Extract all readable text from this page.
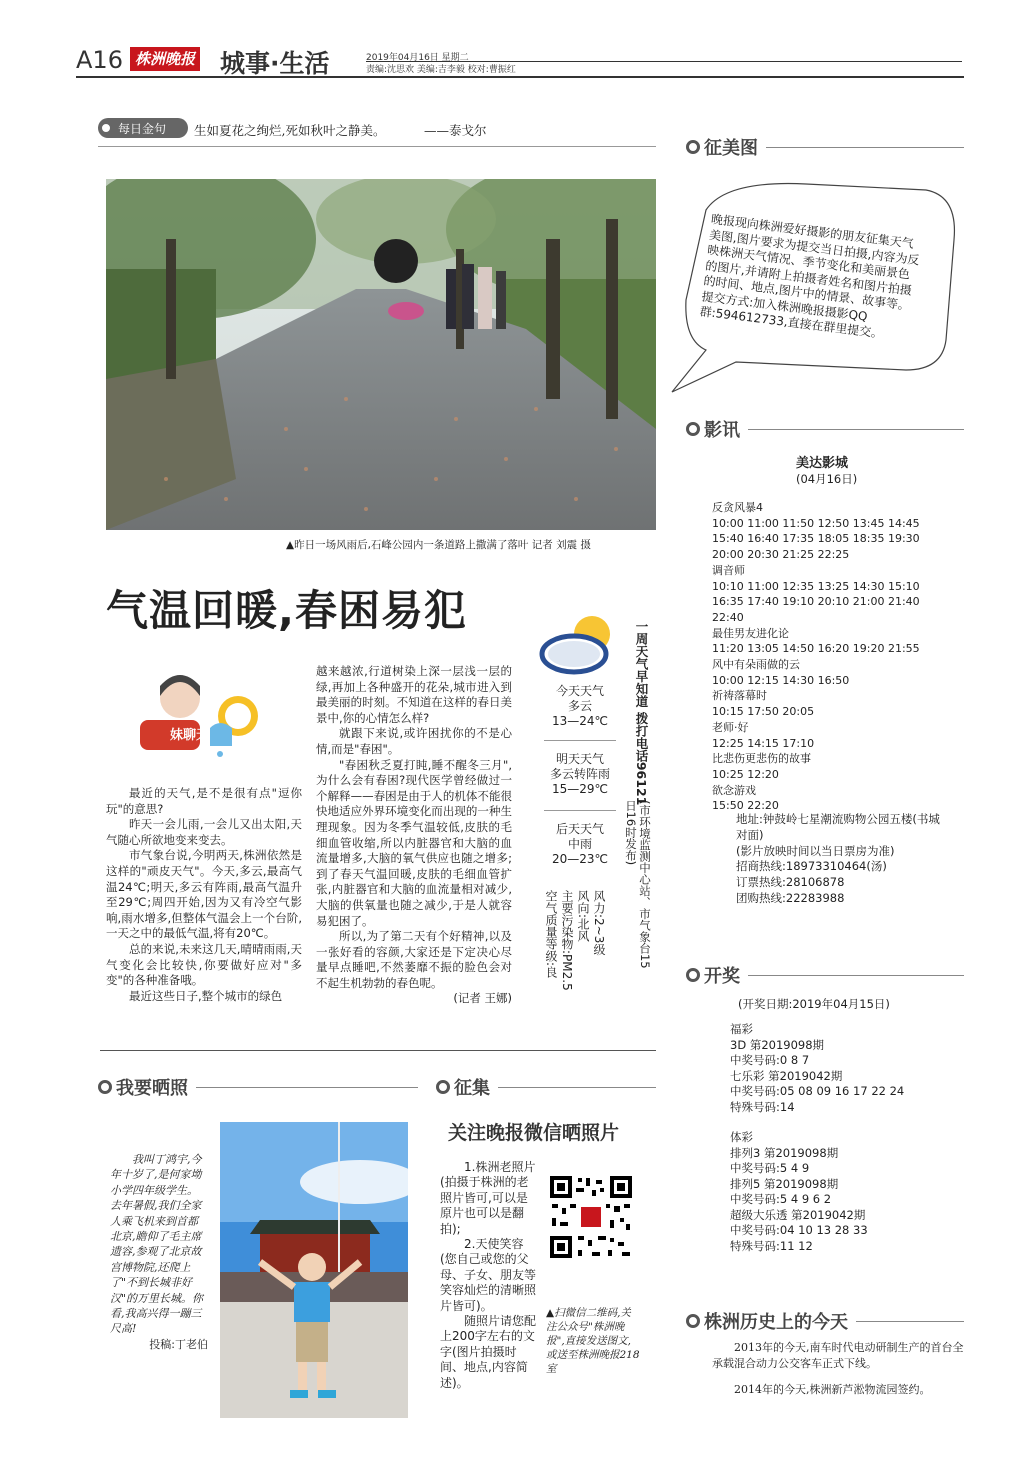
A16 株洲晚报 城事·生活	2019年04月16日 星期二
责编:沈思欢 美编:吉李毅 校对:曹振红
每日金句 生如夏花之绚烂,死如秋叶之静美。	——泰戈尔
▲昨日一场风雨后,石峰公园内一条道路上撒满了落叶 记者 刘震 摄
气温回暖,春困易犯
妹聊天

最近的天气,是不是很有点"逗你玩"的意思?

昨天一会儿雨,一会儿又出太阳,天气随心所欲地变来变去。

市气象台说,今明两天,株洲依然是这样的"顽皮天气"。今天,多云,最高气温24℃;明天,多云有阵雨,最高气温升至29℃;周四开始,因为又有冷空气影响,雨水增多,但整体气温会上一个台阶,一天之中的最低气温,将有20℃。

总的来说,未来这几天,晴晴雨雨,天气变化会比较快,你要做好应对"多变"的各种准备哦。

最近这些日子,整个城市的绿色

越来越浓,行道树染上深一层浅一层的绿,再加上各种盛开的花朵,城市进入到最美丽的时刻。不知道在这样的春日美景中,你的心情怎么样?

就跟下来说,或许困扰你的不是心情,而是"春困"。

"春困秋乏夏打盹,睡不醒冬三月",为什么会有春困?现代医学曾经做过一个解释——春困是由于人的机体不能很快地适应外界环境变化而出现的一种生理现象。因为冬季气温较低,皮肤的毛细血管收缩,所以内脏器官和大脑的血流量增多,大脑的氧气供应也随之增多;到了春天气温回暖,皮肤的毛细血管扩张,内脏器官和大脑的血流量相对减少,大脑的供氧量也随之减少,于是人就容易犯困了。

所以,为了第二天有个好精神,以及一张好看的容颜,大家还是下定决心尽量早点睡吧,不然萎靡不振的脸色会对不起生机勃勃的春色呢。

(记者 王娜)

今天天气
多云
13—24℃
明天天气
多云转阵雨
15—29℃
后天天气
中雨
20—23℃
风力:2~3级
风向:北风
主要污染物:PM2.5
空气质量等级:良
一周天气早知道 拨打电话96121
(市环境监测中心站、市气象台15日16时发布)
我要晒照

我叫丁鸿宇,今年十岁了,是何家坳小学四年级学生。去年暑假,我们全家人乘飞机来到首都北京,瞻仰了毛主席遗容,参观了北京故宫博物院,还爬上了"不到长城非好汉"的万里长城。你看,我高兴得一蹦三尺高!

投稿:丁老伯

征集
关注晚报微信晒照片

1.株洲老照片(拍摄于株洲的老照片皆可,可以是原片也可以是翻拍);

2.天使笑容(您自己或您的父母、子女、朋友等笑容灿烂的清晰照片皆可)。

随照片请您配上200字左右的文字(图片拍摄时间、地点,内容简述)。

▲扫微信二维码,关注公众号"株洲晚报",直接发送图文,或送至株洲晚报218室
征美图
晚报现向株洲爱好摄影的朋友征集天气美图,图片要求为提交当日拍摄,内容为反映株洲天气情况、季节变化和美丽景色的图片,并请附上拍摄者姓名和图片拍摄的时间、地点,图片中的情景、故事等。提交方式:加入株洲晚报摄影QQ群:594612733,直接在群里提交。
影讯
美达影城
(04月16日)
反贪风暴4
10:00 11:00 11:50 12:50 13:45 14:45 15:40 16:40 17:35 18:05 18:35 19:30 20:00 20:30 21:25 22:25
调音师
10:10 11:00 12:35 13:25 14:30 15:10 16:35 17:40 19:10 20:10 21:00 21:40 22:40
最佳男友进化论
11:20 13:05 14:50 16:20 19:20 21:55
风中有朵雨做的云
10:00 12:15 14:30 16:50
祈祷落幕时
10:15 17:50 20:05
老师·好
12:25 14:15 17:10
比悲伤更悲伤的故事
10:25 12:20
欲念游戏
15:50 22:20
地址:钟鼓岭七星潮流购物公园五楼(书城对面)
(影片放映时间以当日票房为准)
招商热线:18973310464(汤)
订票热线:28106878
团购热线:22283988
开奖
(开奖日期:2019年04月15日)
福彩
3D 第2019098期
中奖号码:0 8 7
七乐彩 第2019042期
中奖号码:05 08 09 16 17 22 24
特殊号码:14
体彩
排列3 第2019098期
中奖号码:5 4 9
排列5 第2019098期
中奖号码:5 4 9 6 2
超级大乐透 第2019042期
中奖号码:04 10 13 28 33
特殊号码:11 12
株洲历史上的今天

2013年的今天,南车时代电动研制生产的首台全承载混合动力公交客车正式下线。

2014年的今天,株洲新芦淞物流园签约。
